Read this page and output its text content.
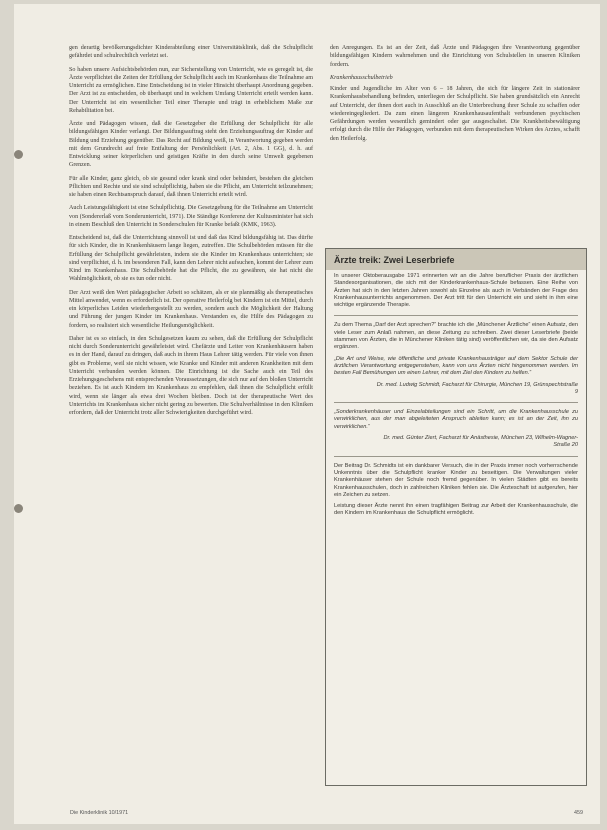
gen derartig bevölkerungsdichter Kinderabteilung einer Universitätsklinik, daß die Schulpflicht gefährdet und schulrechtlich verletzt sei.

So haben unsere Aufsichtsbehörden nun, zur Sicherstellung von Unterricht, wie es geregelt ist, die Ärzte verpflichtet die Zeiten der Erfüllung der Schulpflicht auch im Krankenhaus die Teilnahme am Unterricht zu ermöglichen. Eine Entscheidung ist in vieler Hinsicht überhaupt Anordnung gegeben. Der Arzt ist zu entscheiden, ob überhaupt und in welchem Umfang Unterricht erteilt werden kann. Der Unterricht ist ein wesentlicher Teil einer Therapie und trägt in erheblichem Maße zur Rehabilitation bei.

Ärzte und Pädagogen wissen, daß die Gesetzgeber die Erfüllung der Schulpflicht für alle bildungsfähigen Kinder verlangt. Der Bildungsauftrag steht den Erziehungsauftrag der Kinder auf Bildung und Erziehung gegenüber. Das Recht auf Bildung weiß, in Verantwortung gegeben werden mit dem Grundrecht auf freie Entfaltung der Persönlichkeit (Art. 2, Abs. 1 GG), d. h. auf Entwicklung seiner körperlichen und geistigen Kräfte in den durch seine Umwelt gegebenen Grenzen.

Für alle Kinder, ganz gleich, ob sie gesund oder krank sind oder behindert, bestehen die gleichen Pflichten und Rechte und sie sind schulpflichtig, haben sie die Pflicht, am Unterricht teilzunehmen; sie haben einen Rechtsanspruch darauf, daß ihnen Unterricht erteilt wird.

Auch Leistungsfähigkeit ist eine Schulpflichtig. Die Gesetzgebung für die Teilnahme am Unterricht von (Sondererlaß vom Sonderunterricht, 1971). Die Ständige Konferenz der Kultusminister hat sich in einem Beschluß den Unterricht in Sonderschulen für Kranke befaßt (KMK, 1963).

Entscheidend ist, daß die Unterrichtung sinnvoll ist und daß das Kind bildungsfähig ist. Das dürfte für sich Kinder, die in Krankenhäusern lange liegen, zutreffen. Die Schulbehörden müssen für die Erfüllung der Schulpflicht gewährleisten, indem sie die Kinder im Krankenhaus unterrichten; sie sind verpflichtet, d. h. im besonderen Fall, kann den Lehrer nicht aufsuchen, kommt der Lehrer zum Kind im Krankenhaus. Die Schulbehörde hat die Pflicht, die zu gewähren, sie hat nicht die Wahlmöglichkeit, ob sie es tun oder nicht.

Der Arzt weiß den Wert pädagogischer Arbeit so schätzen, als er sie planmäßig als therapeutisches Mittel anwendet, wenn es erforderlich ist. Der operative Heilerfolg bei Kindern ist ein Mittel, durch ein körperliches Leiden wiederhergestellt zu werden, sondern auch die Möglichkeit der Haltung und Führung der jungen Kinder im Krankenhaus. Verstanden es, die Hilfe des Pädagogen zu fordern, so realisiert sich wesentliche Heilungsmöglichkeit.

Daher ist es so einfach, in den Schulgesetzen kaum zu sehen, daß die Erfüllung der Schulpflicht nicht durch Sonderunterricht gewährleistet wird. Chefärzte und Leiter von Krankenhäusern haben es in der Hand, darauf zu dringen, daß auch in ihrem Haus Lehrer tätig werden. Für viele von ihnen gibt es Probleme, weil sie nicht wissen, wie Kranke und Kinder mit anderen Krankheiten mit dem Unterricht verbunden werden können. Die Einrichtung ist die Sache auch ein Teil des Erziehungsgeschehens mit entsprechenden Voraussetzungen, die sich nur auf den bloßen Unterricht beziehen. Es ist auch Kindern im Krankenhaus zu empfehlen, daß ihnen die Schulpflicht erfüllt wird, wenn sie länger als etwa drei Wochen bleiben. Doch ist der therapeutische Wert des Unterrichts im Krankenhaus sicher nicht gering zu bewerten. Die Schulverhältnisse in den Kliniken erfordern, daß der Unterricht trotz aller Schwierigkeiten durchgeführt wird.

den Anregungen. Es ist an der Zeit, daß Ärzte und Pädagogen ihre Verantwortung gegenüber bildungsfähigen Kindern wahrnehmen und die Einrichtung von Schulstellen in unseren Kliniken fordern.

Krankenhausschulbetrieb

Kinder und Jugendliche im Alter von 6 – 18 Jahren, die sich für längere Zeit in stationärer Krankenhausbehandlung befinden, unterliegen der Schulpflicht. Sie haben grundsätzlich ein Anrecht auf Unterricht, der ihnen dort auch in Ausschluß an die Unterbrechung ihrer Schule zu schaffen oder wiedereingegliedert. Da zum einen längeren Krankenhausaufenthalt verbundenen psychischen Gefährdungen werden wesentlich gemindert oder gar ausgeschaltet. Die Krankheitsbewältigung erfolgt durch die Hilfe der Pädagogen, verbunden mit dem therapeutischen Wirken des Arztes, schafft den Heilerfolg.

Ärzte treik: Zwei Leserbriefe

In unserer Oktoberausgabe 1971 erinnerten wir an die Jahre beruflicher Praxis der ärztlichen Standesorganisationen, die sich mit der Kinderkrankenhaus-Schule befassen. Eine Reihe von Ärzten hat sich in den letzten Jahren sowohl als Einzelne als auch in Verbänden der Frage des Krankenhausunterrichts angenommen. Der Arzt tritt für den Unterricht ein und sieht in ihm eine wichtige ergänzende Therapie.

Zu dem Thema „Darf der Arzt sprechen?“ brachte ich die „Münchener Ärztliche“ einen Aufsatz, den viele Leser zum Anlaß nahmen, an diese Zeitung zu schreiben. Zwei dieser Leserbriefe (beide stammen von Ärzten, die in Münchener Kliniken tätig sind) veröffentlichen wir, da sie den Aufsatz ergänzen.

„Die Art und Weise, wie öffentliche und private Krankenhausträger auf dem Sektor Schule der ärztlichen Verantwortung entgegenstehen, kann von uns Ärzten nicht hingenommen werden. Im besten Fall Bemühungen um einen Lehrer, mit dem Ziel den Kindern zu helfen.“

Dr. med. Ludwig Schmidt, Facharzt für Chirurgie, München 19, Grünspechtstraße 9

„Sonderkrankenhäuser und Einzelabteilungen sind ein Schritt, um die Krankenhausschule zu verwirklichen, aus der man abgeleiteten Anspruch ableiten kann; es ist an der Zeit, ihn zu verwirklichen.“

Dr. med. Günter Ziert, Facharzt für Anästhesie, München 23, Wilhelm-Wagner-Straße 20

Der Beitrag Dr. Schmidts ist ein dankbarer Versuch, die in der Praxis immer noch vorherrschende Unkenntnis über die Schulpflicht kranker Kinder zu beseitigen. Die Verwaltungen vieler Krankenhäuser stehen der Schule noch fremd gegenüber. In vielen Städten gibt es bereits Krankenhausschulen, doch in zahlreichen Kliniken fehlen sie. Die Ärzteschaft ist aufgerufen, hier ein Zeichen zu setzen.

Leistung dieser Ärzte nennt ihn einen tragfähigen Beitrag zur Arbeit der Krankenhausschule, die den Kindern im Krankenhaus die Schulpflicht ermöglicht.

Die Kinderklinik 10/1971	459
